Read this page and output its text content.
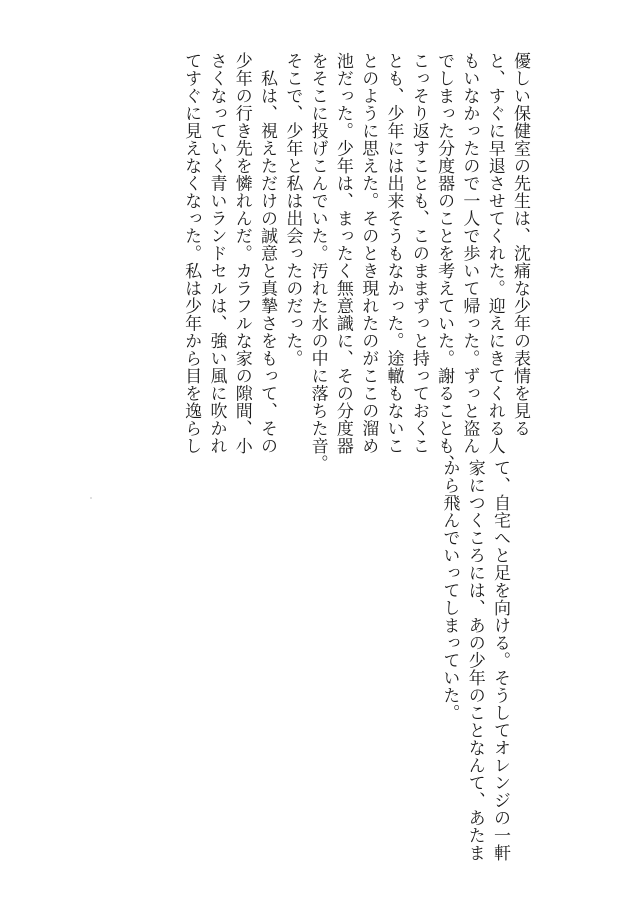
優しい保健室の先生は、沈痛な少年の表情を見る
と、すぐに早退させてくれた。迎えにきてくれる人
もいなかったので一人で歩いて帰った。ずっと盗ん
でしまった分度器のことを考えていた。謝ることも、
こっそり返すことも、このままずっと持っておくこ
とも、少年には出来そうもなかった。途轍もないこ
とのように思えた。そのとき現れたのがここの溜め
池だった。少年は、まったく無意識に、その分度器
をそこに投げこんでいた。汚れた水の中に落ちた音。
そこで、少年と私は出会ったのだった。
　私は、視えただけの誠意と真摯さをもって、その
少年の行き先を憐れんだ。カラフルな家の隙間、小
さくなっていく青いランドセルは、強い風に吹かれ
てすぐに見えなくなった。私は少年から目を逸らし
て、自宅へと足を向ける。そうしてオレンジの一軒
家につくころには、あの少年のことなんて、あたま
から飛んでいってしまっていた。
